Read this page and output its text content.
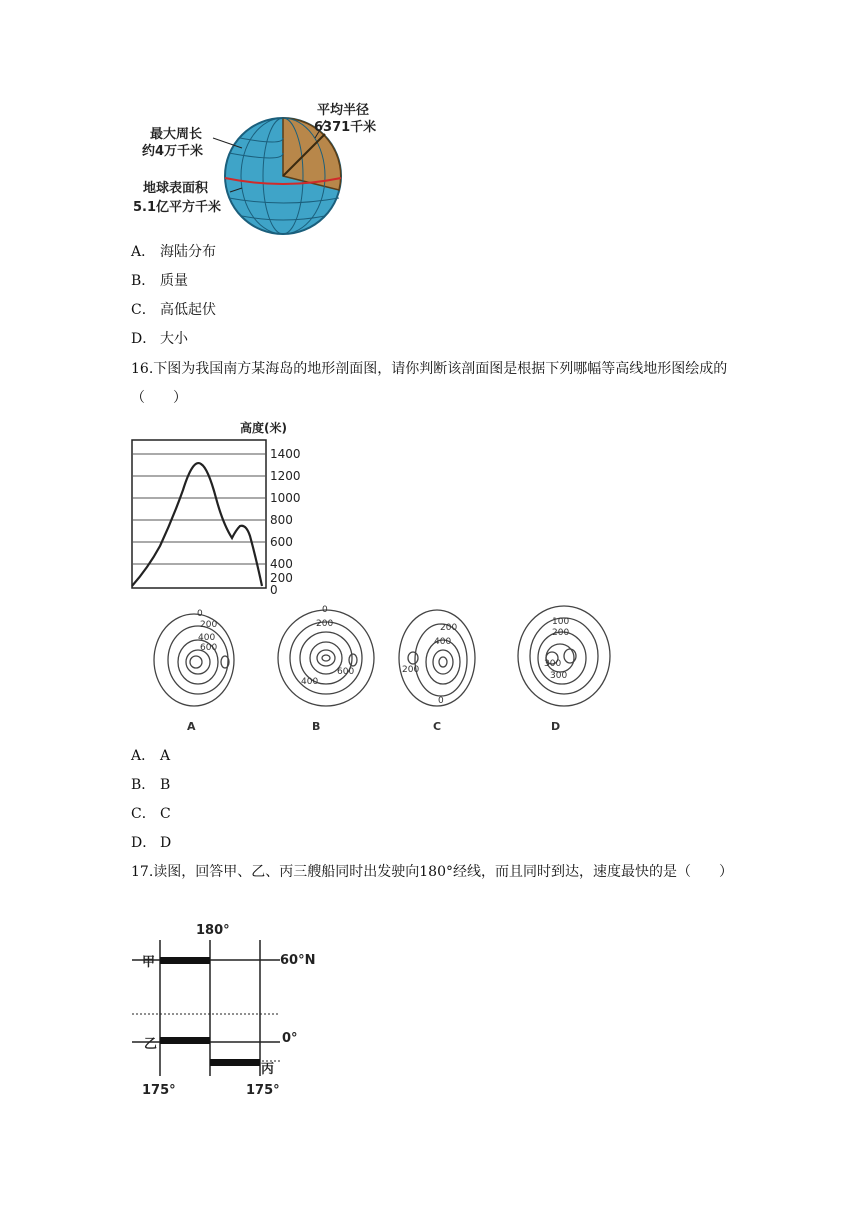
最大周长
约4万千米
平均半径
6371千米
地球表面积
5.1亿平方千米
A． 海陆分布
B． 质量
C． 高低起伏
D． 大小
16.下图为我国南方某海岛的地形剖面图，请你判断该剖面图是根据下列哪幅等高线地形图绘成的（　　）
高度(米)
1400
1200
1000
800
600
400
200
0
0
200
400
600
0
200
400
600
200
400
200
0
100
200
300
300
A	B	C	D
A． A
B． B
C． C
D． D
17.读图，回答甲、乙、丙三艘船同时出发驶向180°经线，而且同时到达，速度最快的是（　　）
180°
60°N
0°
甲
乙
丙
175°	175°
